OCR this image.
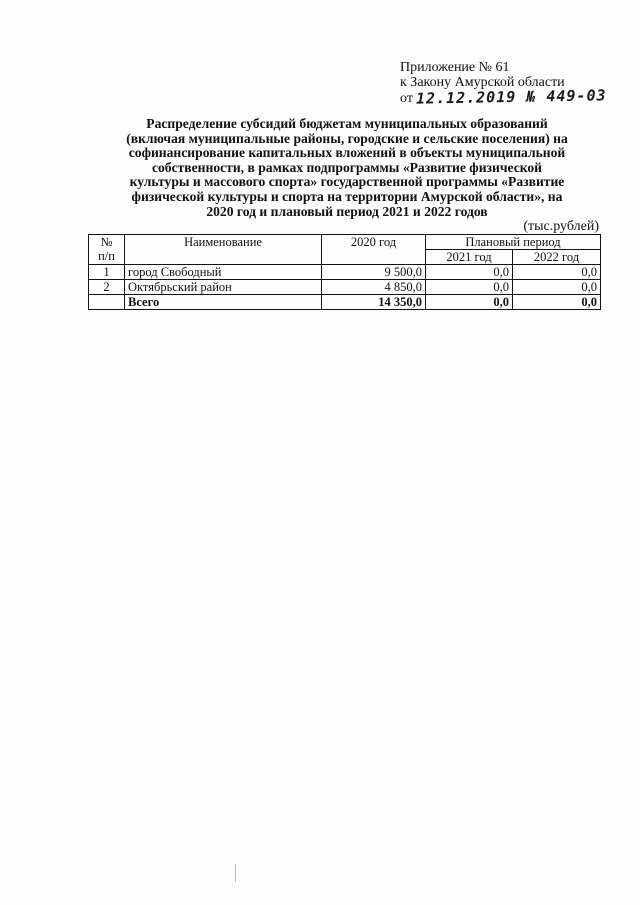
Приложение № 61
к Закону Амурской области
от 12.12.2019 № 449-03
Распределение субсидий бюджетам муниципальных образований
(включая муниципальные районы, городские и сельские поселения) на
софинансирование капитальных вложений в объекты муниципальной
собственности, в рамках подпрограммы «Развитие физической
культуры и массового спорта» государственной программы «Развитие
физической культуры и спорта на территории Амурской области», на
2020 год и плановый период 2021 и 2022 годов
(тыс.рублей)
№
п/п	Наименование	2020 год	Плановый период	
			2021 год	2022 год
1	город Свободный	9 500,0	0,0	0,0
2	Октябрьский район	4 850,0	0,0	0,0
	Всего	14 350,0	0,0	0,0
